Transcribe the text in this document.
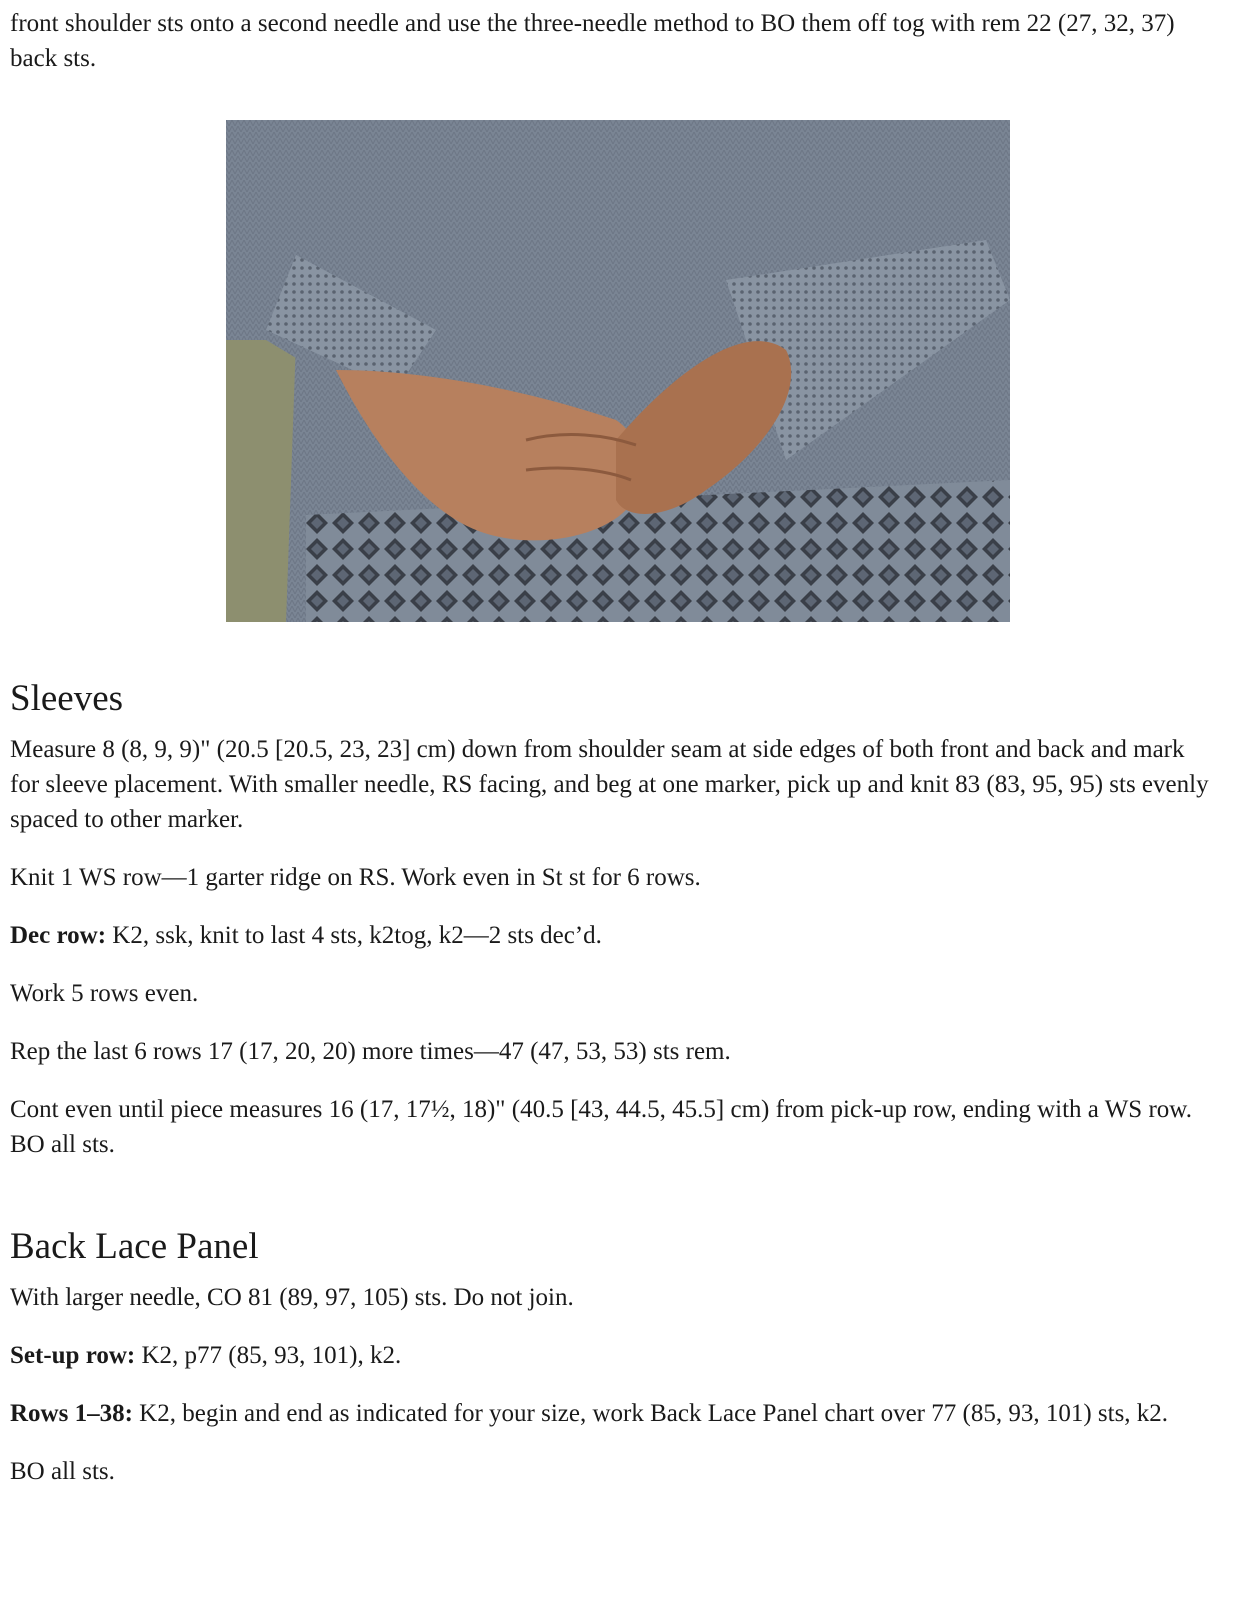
front shoulder sts onto a second needle and use the three-needle method to BO them off tog with rem 22 (27, 32, 37) back sts.

Sleeves

Measure 8 (8, 9, 9)" (20.5 [20.5, 23, 23] cm) down from shoulder seam at side edges of both front and back and mark for sleeve placement. With smaller needle, RS facing, and beg at one marker, pick up and knit 83 (83, 95, 95) sts evenly spaced to other marker.

Knit 1 WS row—1 garter ridge on RS. Work even in St st for 6 rows.

Dec row: K2, ssk, knit to last 4 sts, k2tog, k2—2 sts dec’d.

Work 5 rows even.

Rep the last 6 rows 17 (17, 20, 20) more times—47 (47, 53, 53) sts rem.

Cont even until piece measures 16 (17, 17½, 18)" (40.5 [43, 44.5, 45.5] cm) from pick-up row, ending with a WS row. BO all sts.

Back Lace Panel

With larger needle, CO 81 (89, 97, 105) sts. Do not join.

Set-up row: K2, p77 (85, 93, 101), k2.

Rows 1–38: K2, begin and end as indicated for your size, work Back Lace Panel chart over 77 (85, 93, 101) sts, k2.

BO all sts.
